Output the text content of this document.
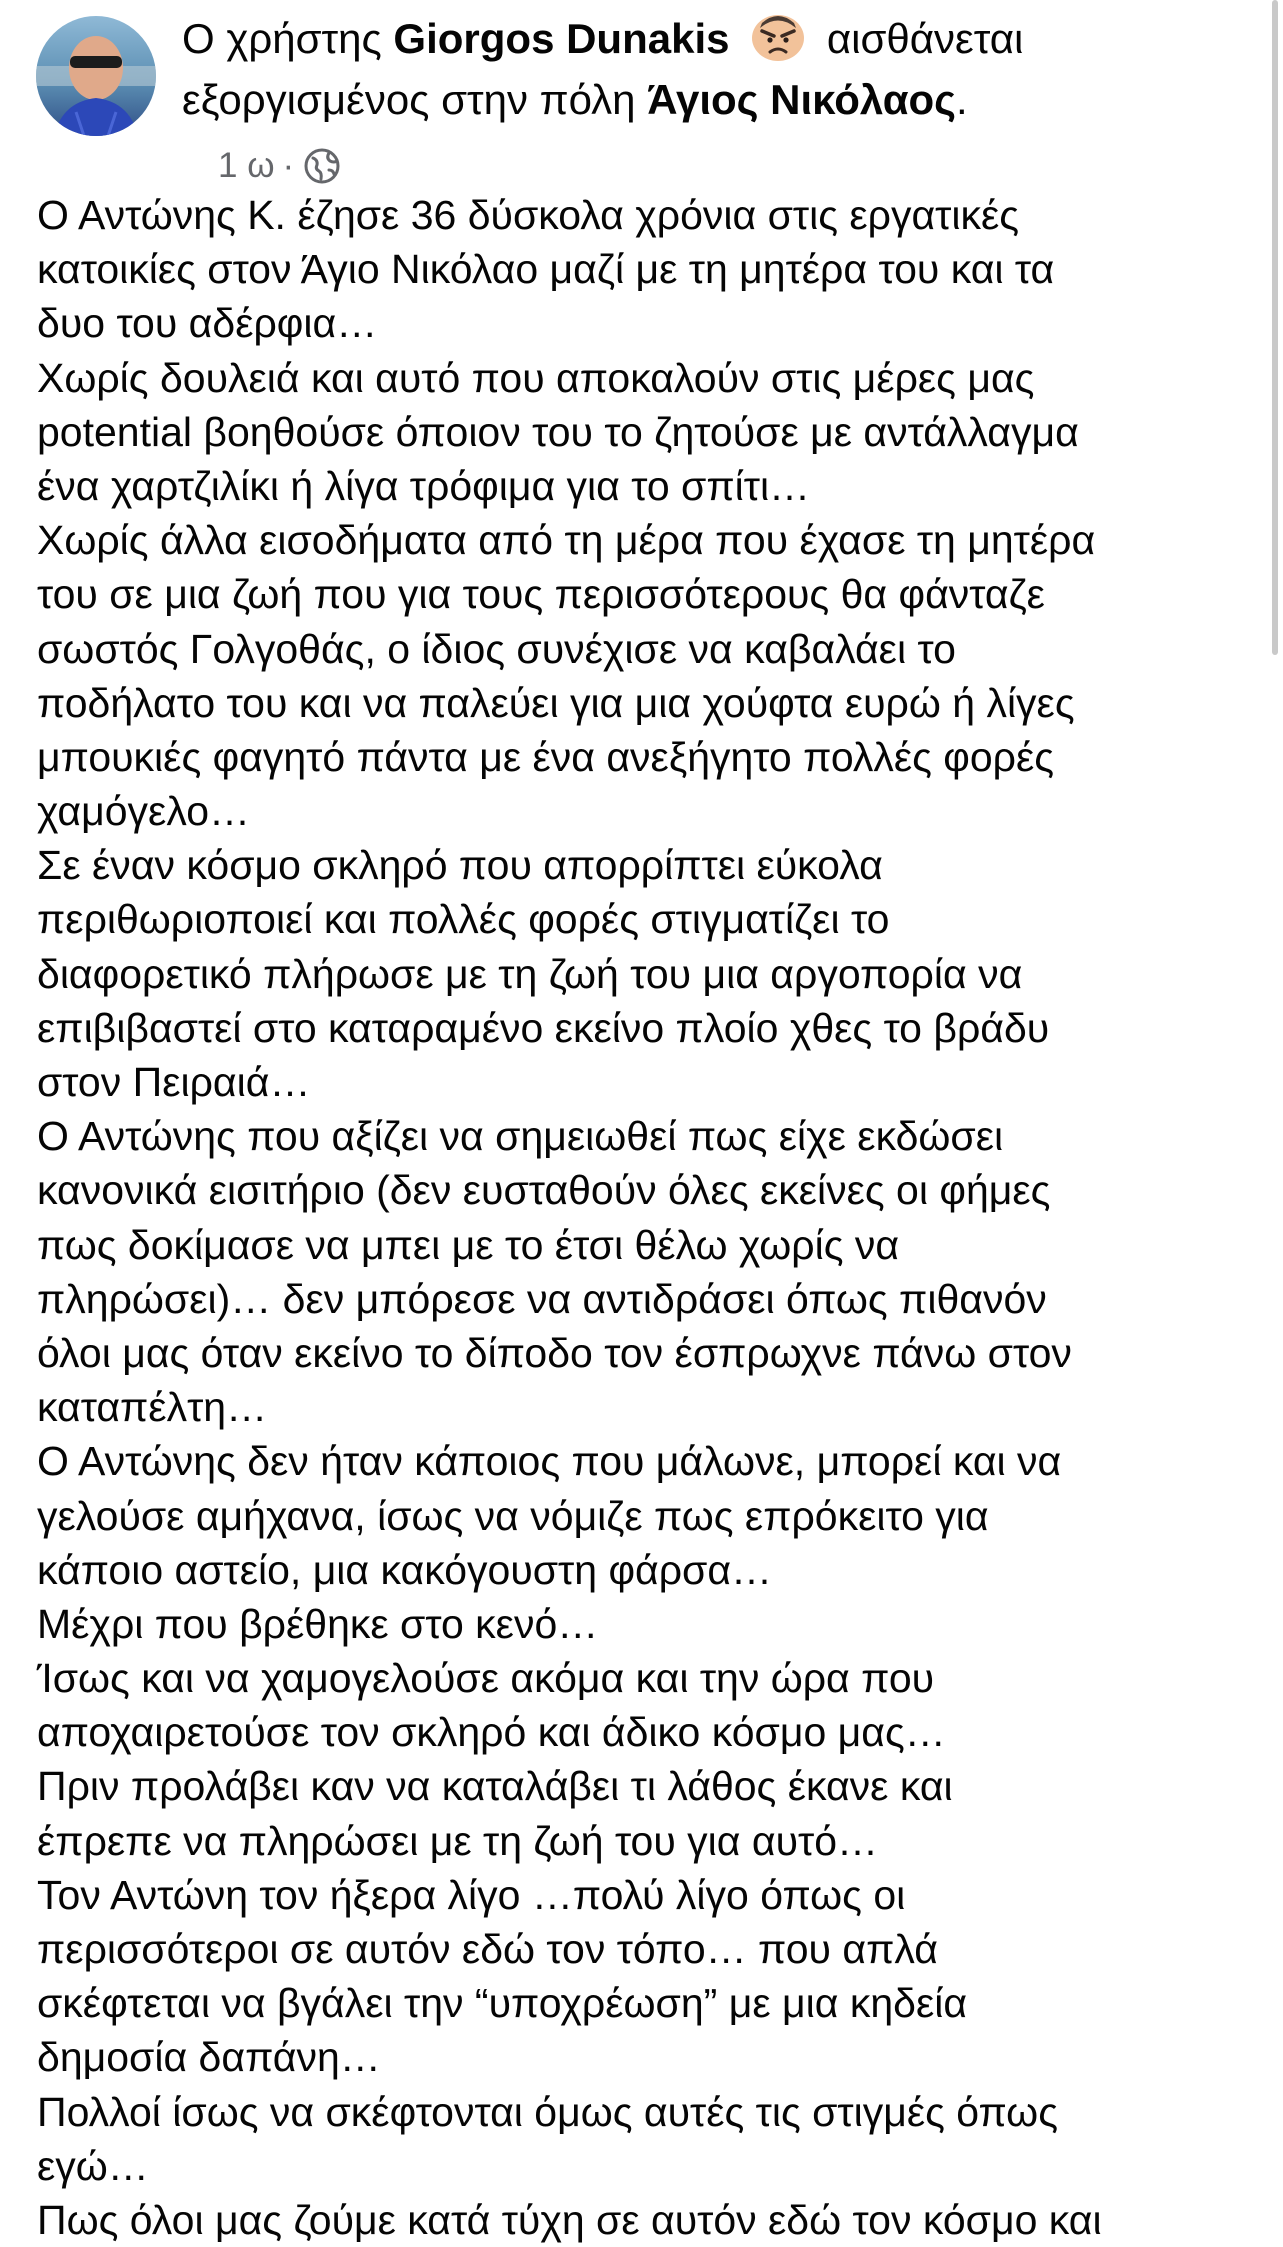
Ο χρήστης Giorgos Dunakis αισθάνεται
εξοργισμένος στην πόλη Άγιος Νικόλαος.
1 ω ·
Ο Αντώνης Κ. έζησε 36 δύσκολα χρόνια στις εργατικές
κατοικίες στον Άγιο Νικόλαο μαζί με τη μητέρα του και τα
δυο του αδέρφια…
Χωρίς δουλειά και αυτό που αποκαλούν στις μέρες μας
potential βοηθούσε όποιον του το ζητούσε με αντάλλαγμα
ένα χαρτζιλίκι ή λίγα τρόφιμα για το σπίτι…
Χωρίς άλλα εισοδήματα από τη μέρα που έχασε τη μητέρα
του σε μια ζωή που για τους περισσότερους θα φάνταζε
σωστός Γολγοθάς, ο ίδιος συνέχισε να καβαλάει το
ποδήλατο του και να παλεύει για μια χούφτα ευρώ ή λίγες
μπουκιές φαγητό πάντα με ένα ανεξήγητο πολλές φορές
χαμόγελο…
Σε έναν κόσμο σκληρό που απορρίπτει εύκολα
περιθωριοποιεί και πολλές φορές στιγματίζει το
διαφορετικό πλήρωσε με τη ζωή του μια αργοπορία να
επιβιβαστεί στο καταραμένο εκείνο πλοίο χθες το βράδυ
στον Πειραιά…
Ο Αντώνης που αξίζει να σημειωθεί πως είχε εκδώσει
κανονικά εισιτήριο (δεν ευσταθούν όλες εκείνες οι φήμες
πως δοκίμασε να μπει με το έτσι θέλω χωρίς να
πληρώσει)… δεν μπόρεσε να αντιδράσει όπως πιθανόν
όλοι μας όταν εκείνο το δίποδο τον έσπρωχνε πάνω στον
καταπέλτη…
Ο Αντώνης δεν ήταν κάποιος που μάλωνε, μπορεί και να
γελούσε αμήχανα, ίσως να νόμιζε πως επρόκειτο για
κάποιο αστείο, μια κακόγουστη φάρσα…
Μέχρι που βρέθηκε στο κενό…
Ίσως και να χαμογελούσε ακόμα και την ώρα που
αποχαιρετούσε τον σκληρό και άδικο κόσμο μας…
Πριν προλάβει καν να καταλάβει τι λάθος έκανε και
έπρεπε να πληρώσει με τη ζωή του για αυτό…
Τον Αντώνη τον ήξερα λίγο …πολύ λίγο όπως οι
περισσότεροι σε αυτόν εδώ τον τόπο… που απλά
σκέφτεται να βγάλει την “υποχρέωση” με μια κηδεία
δημοσία δαπάνη…
Πολλοί ίσως να σκέφτονται όμως αυτές τις στιγμές όπως
εγώ…
Πως όλοι μας ζούμε κατά τύχη σε αυτόν εδώ τον κόσμο και
